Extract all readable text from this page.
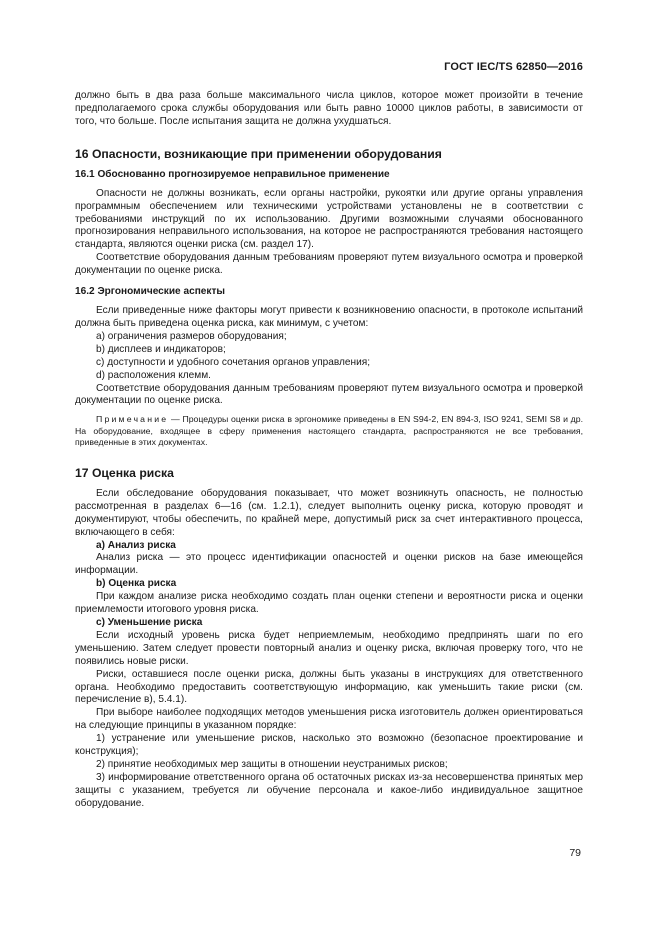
ГОСТ IEC/TS 62850—2016

должно быть в два раза больше максимального числа циклов, которое может произойти в течение предполагаемого срока службы оборудования или быть равно 10000 циклов работы, в зависимости от того, что больше. После испытания защита не должна ухудшаться.

16 Опасности, возникающие при применении оборудования
16.1 Обоснованно прогнозируемое неправильное применение

Опасности не должны возникать, если органы настройки, рукоятки или другие органы управления программным обеспечением или техническими устройствами установлены не в соответствии с требованиями инструкций по их использованию. Другими возможными случаями обоснованного прогнозирования неправильного использования, на которое не распространяются требования настоящего стандарта, являются оценки риска (см. раздел 17).

Соответствие оборудования данным требованиям проверяют путем визуального осмотра и проверкой документации по оценке риска.

16.2 Эргономические аспекты

Если приведенные ниже факторы могут привести к возникновению опасности, в протоколе испытаний должна быть приведена оценка риска, как минимум, с учетом:

a) ограничения размеров оборудования;

b) дисплеев и индикаторов;

c) доступности и удобного сочетания органов управления;

d) расположения клемм.

Соответствие оборудования данным требованиям проверяют путем визуального осмотра и проверкой документации по оценке риска.

Примечание — Процедуры оценки риска в эргономике приведены в EN S94-2, EN 894-3, ISO 9241, SEMI S8 и др. На оборудование, входящее в сферу применения настоящего стандарта, распространяются не все требования, приведенные в этих документах.

17 Оценка риска

Если обследование оборудования показывает, что может возникнуть опасность, не полностью рассмотренная в разделах 6—16 (см. 1.2.1), следует выполнить оценку риска, которую проводят и документируют, чтобы обеспечить, по крайней мере, допустимый риск за счет интерактивного процесса, включающего в себя:

a) Анализ риска

Анализ риска — это процесс идентификации опасностей и оценки рисков на базе имеющейся информации.

b) Оценка риска

При каждом анализе риска необходимо создать план оценки степени и вероятности риска и оценки приемлемости итогового уровня риска.

c) Уменьшение риска

Если исходный уровень риска будет неприемлемым, необходимо предпринять шаги по его уменьшению. Затем следует провести повторный анализ и оценку риска, включая проверку того, что не появились новые риски.

Риски, оставшиеся после оценки риска, должны быть указаны в инструкциях для ответственного органа. Необходимо предоставить соответствующую информацию, как уменьшить такие риски (см. перечисление в), 5.4.1).

При выборе наиболее подходящих методов уменьшения риска изготовитель должен ориентироваться на следующие принципы в указанном порядке:

1) устранение или уменьшение рисков, насколько это возможно (безопасное проектирование и конструкция);

2) принятие необходимых мер защиты в отношении неустранимых рисков;

3) информирование ответственного органа об остаточных рисках из-за несовершенства принятых мер защиты с указанием, требуется ли обучение персонала и какое-либо индивидуальное защитное оборудование.

79
